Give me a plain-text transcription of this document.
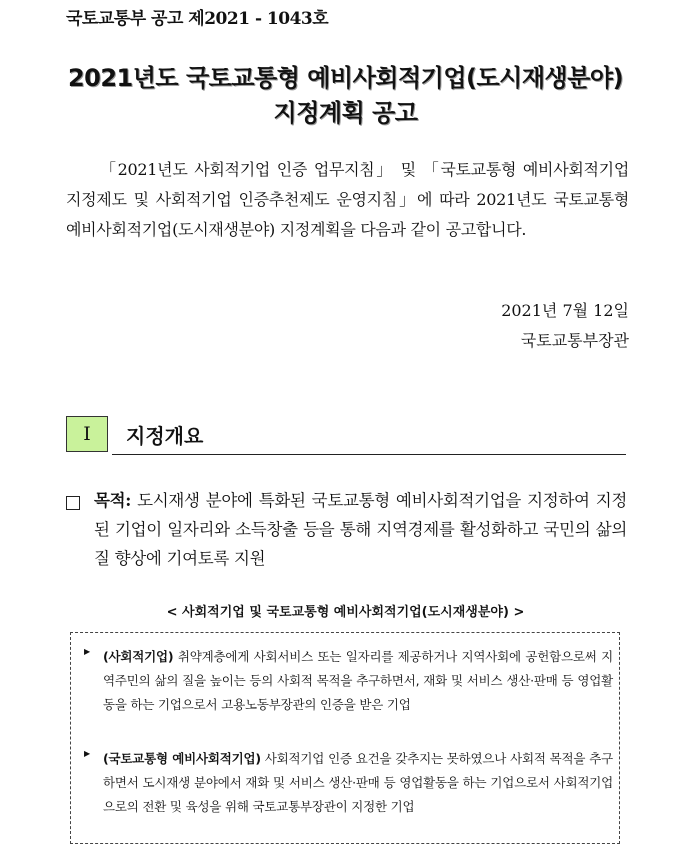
국토교통부 공고 제2021 - 1043호
2021년도 국토교통형 예비사회적기업(도시재생분야)
지정계획 공고
「2021년도 사회적기업 인증 업무지침」 및 「국토교통형 예비사회적기업 지정제도 및 사회적기업 인증추천제도 운영지침」에 따라 2021년도 국토교통형 예비사회적기업(도시재생분야) 지정계획을 다음과 같이 공고합니다.
2021년 7월 12일
국토교통부장관
Ⅰ	지정개요
목적: 도시재생 분야에 특화된 국토교통형 예비사회적기업을 지정하여 지정된 기업이 일자리와 소득창출 등을 통해 지역경제를 활성화하고 국민의 삶의 질 향상에 기여토록 지원
< 사회적기업 및 국토교통형 예비사회적기업(도시재생분야) >
▶ (사회적기업) 취약계층에게 사회서비스 또는 일자리를 제공하거나 지역사회에 공헌함으로써 지역주민의 삶의 질을 높이는 등의 사회적 목적을 추구하면서, 재화 및 서비스 생산·판매 등 영업활동을 하는 기업으로서 고용노동부장관의 인증을 받은 기업
▶ (국토교통형 예비사회적기업) 사회적기업 인증 요건을 갖추지는 못하였으나 사회적 목적을 추구하면서 도시재생 분야에서 재화 및 서비스 생산·판매 등 영업활동을 하는 기업으로서 사회적기업으로의 전환 및 육성을 위해 국토교통부장관이 지정한 기업
